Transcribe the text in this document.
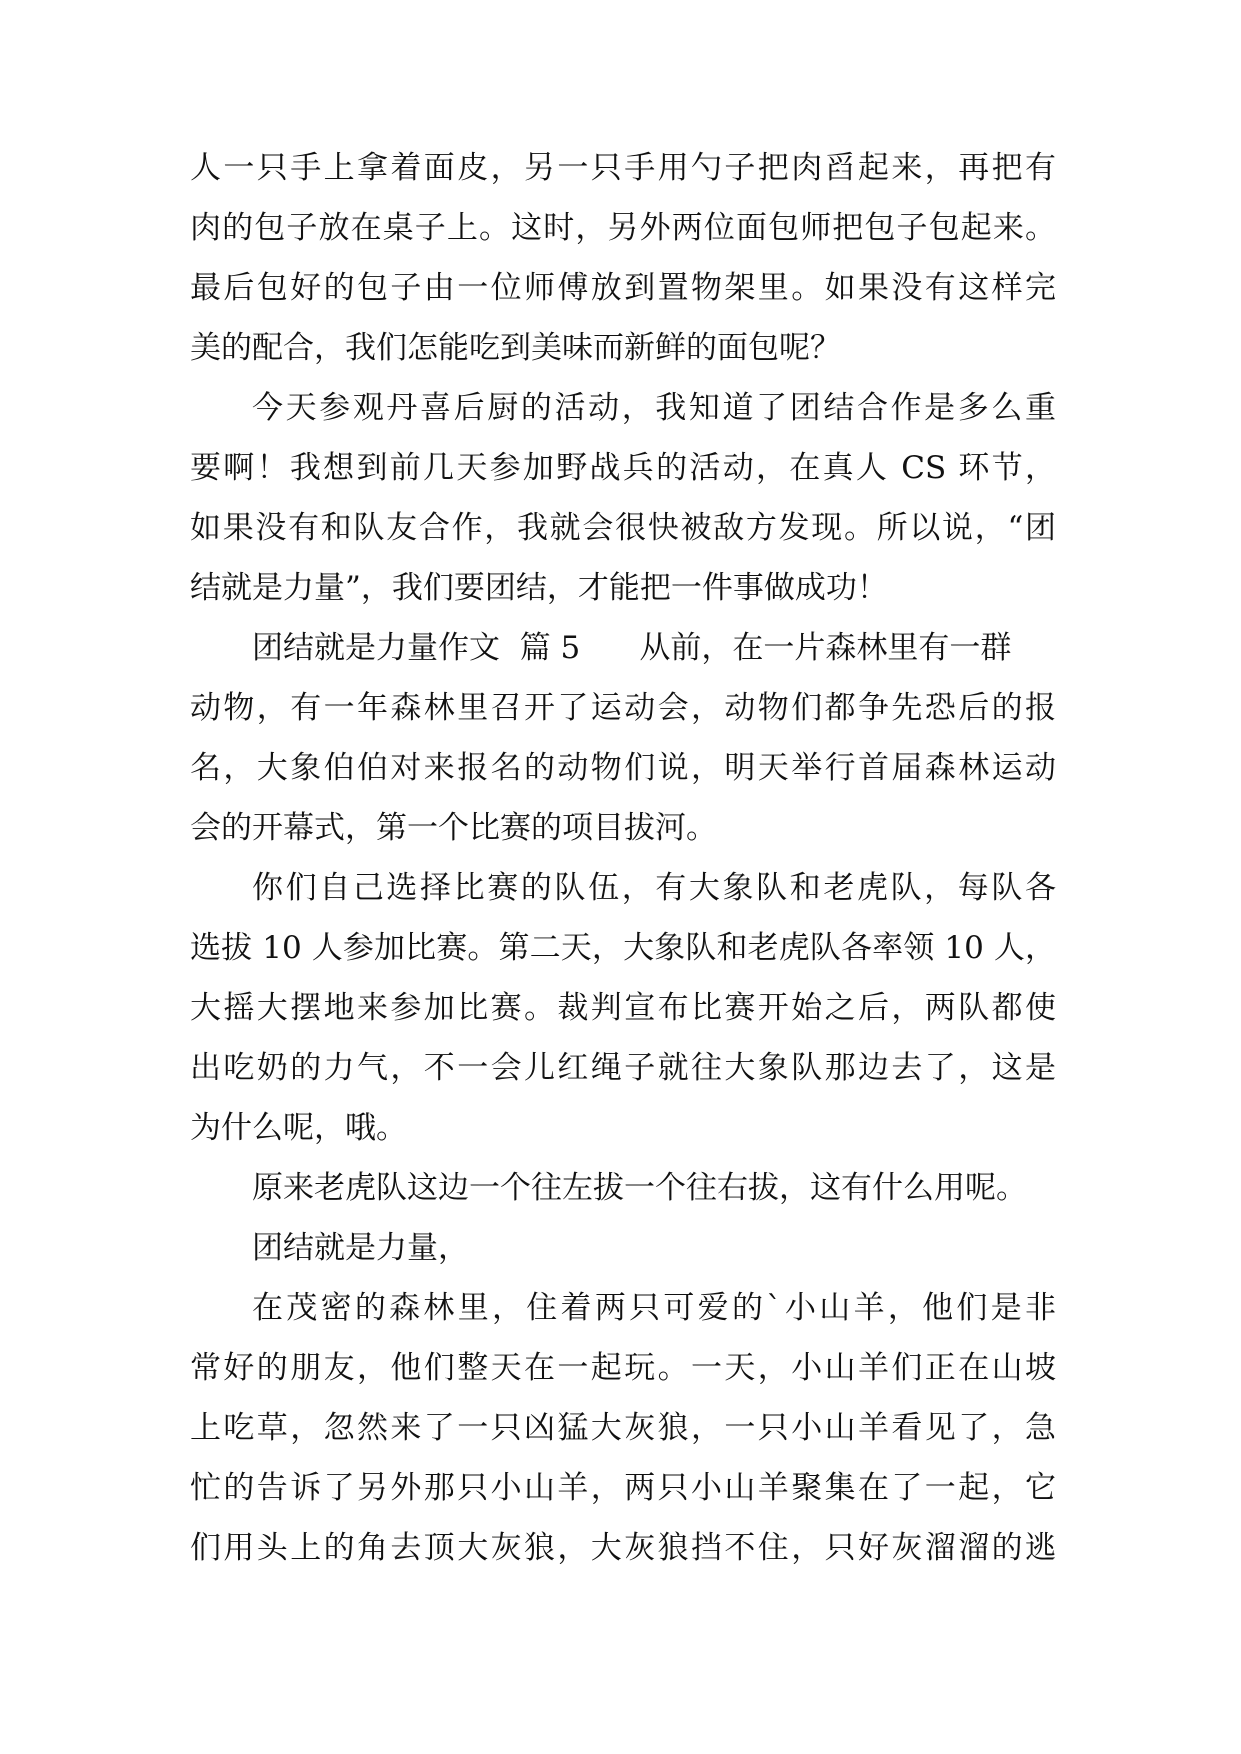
人一只手上拿着面皮，另一只手用勺子把肉舀起来，再把有

肉的包子放在桌子上。这时，另外两位面包师把包子包起来。

最后包好的包子由一位师傅放到置物架里。如果没有这样完

美的配合，我们怎能吃到美味而新鲜的面包呢？

今天参观丹喜后厨的活动，我知道了团结合作是多么重

要啊！我想到前几天参加野战兵的活动，在真人 CS 环节，

如果没有和队友合作，我就会很快被敌方发现。所以说，“团

结就是力量”，我们要团结，才能把一件事做成功！

团结就是力量作文  篇 5      从前，在一片森林里有一群

动物，有一年森林里召开了运动会，动物们都争先恐后的报

名，大象伯伯对来报名的动物们说，明天举行首届森林运动

会的开幕式，第一个比赛的项目拔河。

你们自己选择比赛的队伍，有大象队和老虎队，每队各

选拔 10 人参加比赛。第二天，大象队和老虎队各率领 10 人，

大摇大摆地来参加比赛。裁判宣布比赛开始之后，两队都使

出吃奶的力气，不一会儿红绳子就往大象队那边去了，这是

为什么呢，哦。

原来老虎队这边一个往左拔一个往右拔，这有什么用呢。

团结就是力量，

在茂密的森林里，住着两只可爱的`小山羊，他们是非

常好的朋友，他们整天在一起玩。一天，小山羊们正在山坡

上吃草，忽然来了一只凶猛大灰狼，一只小山羊看见了，急

忙的告诉了另外那只小山羊，两只小山羊聚集在了一起，它

们用头上的角去顶大灰狼，大灰狼挡不住，只好灰溜溜的逃
